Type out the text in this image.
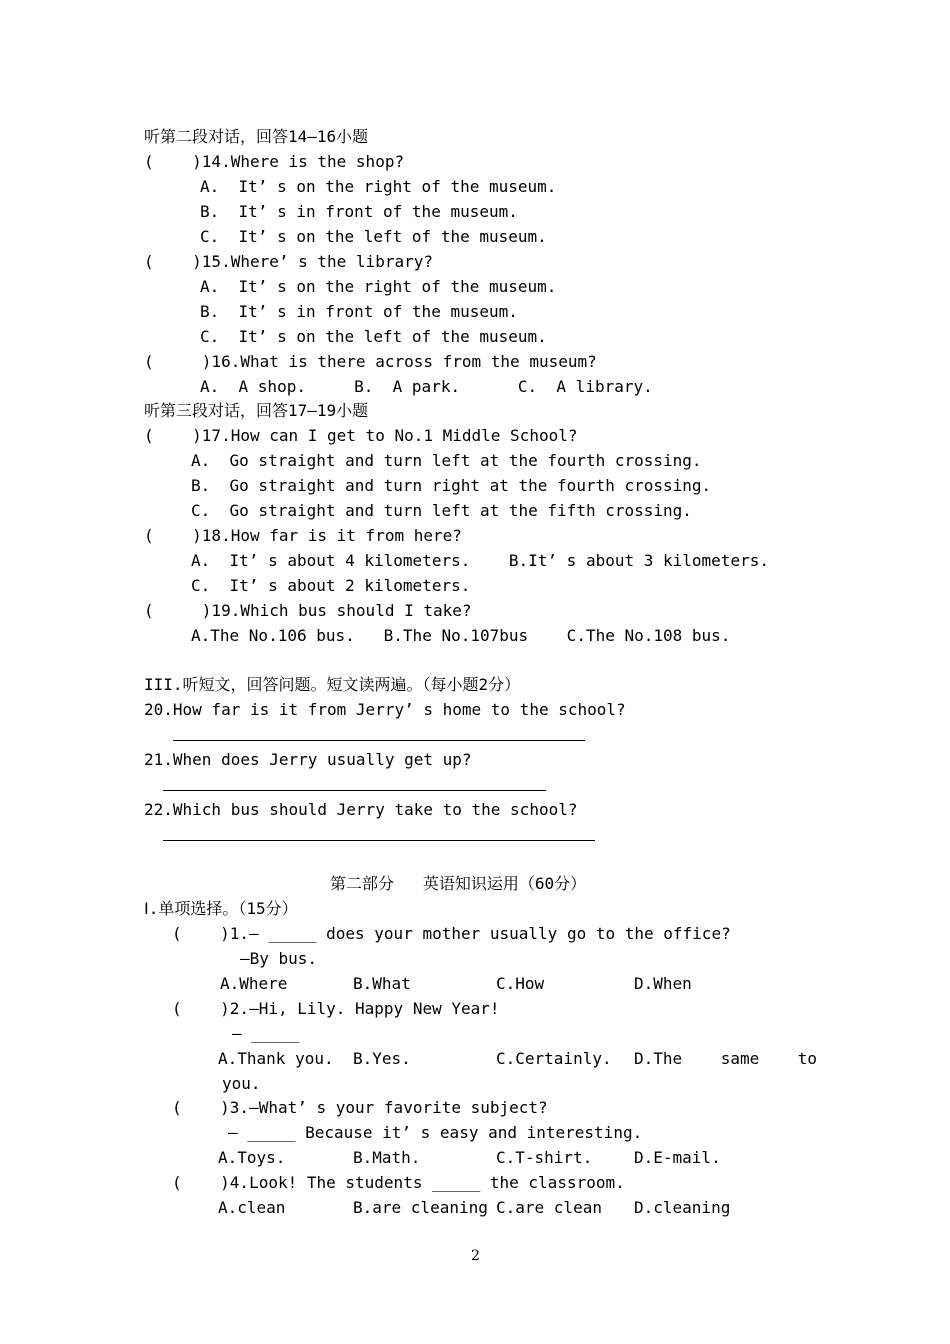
听第二段对话，回答14—16小题
(    )14.Where is the shop?
A.  It’ s on the right of the museum.
B.  It’ s in front of the museum.
C.  It’ s on the left of the museum.
(    )15.Where’ s the library?
A.  It’ s on the right of the museum.
B.  It’ s in front of the museum.
C.  It’ s on the left of the museum.
(     )16.What is there across from the museum?
A.  A shop.     B.  A park.      C.  A library.
听第三段对话，回答17—19小题
(    )17.How can I get to No.1 Middle School?
A.  Go straight and turn left at the fourth crossing.
B.  Go straight and turn right at the fourth crossing.
C.  Go straight and turn left at the fifth crossing.
(    )18.How far is it from here?
A.  It’ s about 4 kilometers.    B.It’ s about 3 kilometers.
C.  It’ s about 2 kilometers.
(     )19.Which bus should I take?
A.The No.106 bus.   B.The No.107bus    C.The No.108 bus.
III.听短文，回答问题。短文读两遍。（每小题2分）
20.How far is it from Jerry’ s home to the school?
21.When does Jerry usually get up?
22.Which bus should Jerry take to the school?
第二部分   英语知识运用（60分）
Ⅰ.单项选择。（15分）
(    )1.— _____ does your mother usually go to the office?
—By bus.
A.Where	B.What	C.How	D.When
(    )2.—Hi, Lily. Happy New Year!
— _____
A.Thank you. B.Yes.	C.Certainly. D.The    same    to
you.
(    )3.—What’ s your favorite subject?
— _____ Because it’ s easy and interesting.
A.Toys.	B.Math.	C.T-shirt.	D.E-mail.
(    )4.Look! The students _____ the classroom.
A.clean	B.are cleaning C.are clean D.cleaning
2
